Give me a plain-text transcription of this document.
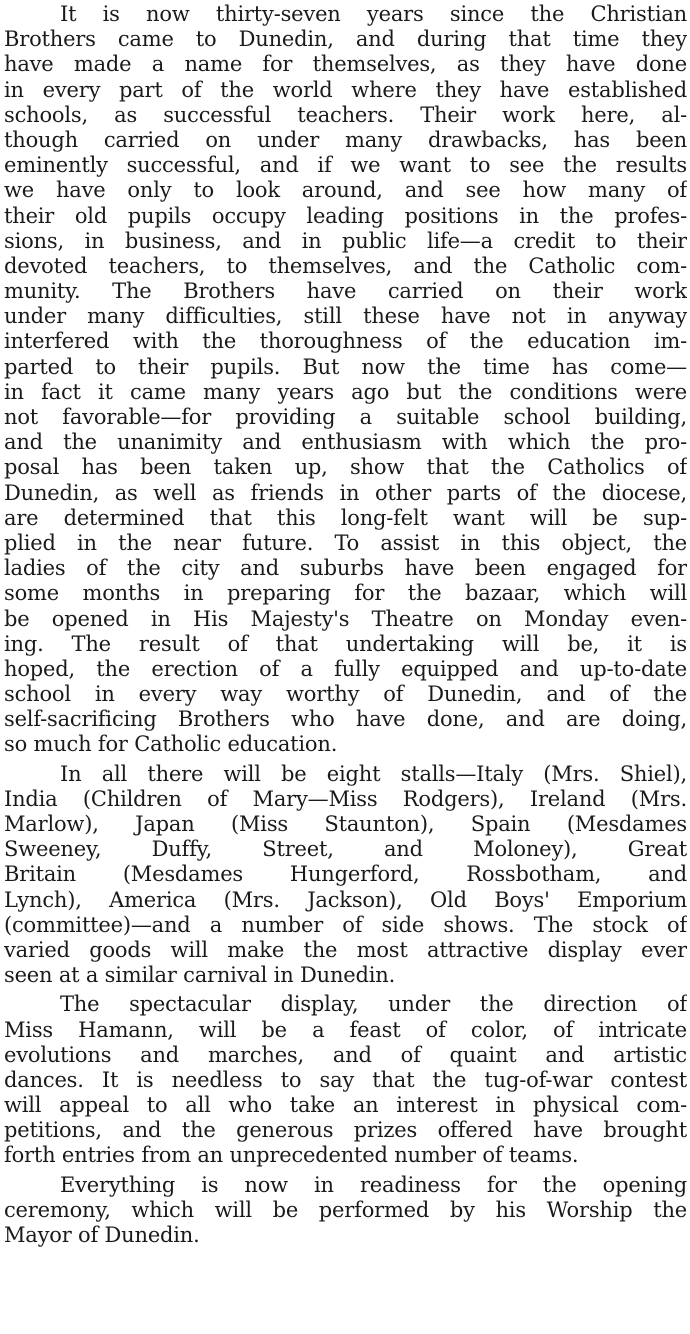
It is now thirty-seven years since the Christian
Brothers came to Dunedin, and during that time they
have made a name for themselves, as they have done
in every part of the world where they have established
schools, as successful teachers. Their work here, al-
though carried on under many drawbacks, has been
eminently successful, and if we want to see the results
we have only to look around, and see how many of
their old pupils occupy leading positions in the profes-
sions, in business, and in public life—a credit to their
devoted teachers, to themselves, and the Catholic com-
munity. The Brothers have carried on their work
under many difficulties, still these have not in anyway
interfered with the thoroughness of the education im-
parted to their pupils. But now the time has come—
in fact it came many years ago but the conditions were
not favorable—for providing a suitable school building,
and the unanimity and enthusiasm with which the pro-
posal has been taken up, show that the Catholics of
Dunedin, as well as friends in other parts of the diocese,
are determined that this long-felt want will be sup-
plied in the near future. To assist in this object, the
ladies of the city and suburbs have been engaged for
some months in preparing for the bazaar, which will
be opened in His Majesty's Theatre on Monday even-
ing. The result of that undertaking will be, it is
hoped, the erection of a fully equipped and up-to-date
school in every way worthy of Dunedin, and of the
self-sacrificing Brothers who have done, and are doing,
so much for Catholic education.
In all there will be eight stalls—Italy (Mrs. Shiel),
India (Children of Mary—Miss Rodgers), Ireland (Mrs.
Marlow), Japan (Miss Staunton), Spain (Mesdames
Sweeney, Duffy, Street, and Moloney), Great
Britain (Mesdames Hungerford, Rossbotham, and
Lynch), America (Mrs. Jackson), Old Boys' Emporium
(committee)—and a number of side shows. The stock of
varied goods will make the most attractive display ever
seen at a similar carnival in Dunedin.
The spectacular display, under the direction of
Miss Hamann, will be a feast of color, of intricate
evolutions and marches, and of quaint and artistic
dances. It is needless to say that the tug-of-war contest
will appeal to all who take an interest in physical com-
petitions, and the generous prizes offered have brought
forth entries from an unprecedented number of teams.
Everything is now in readiness for the opening
ceremony, which will be performed by his Worship the
Mayor of Dunedin.
